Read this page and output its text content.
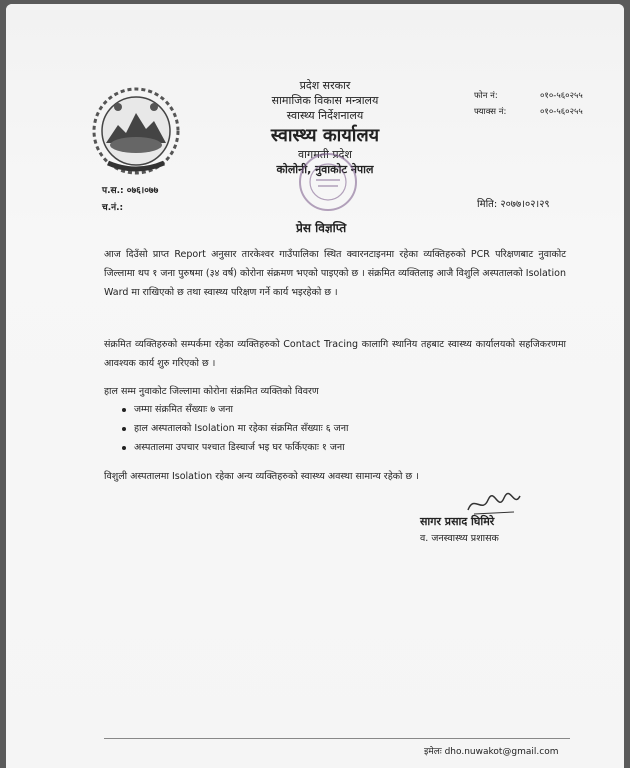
प्रदेश सरकार
सामाजिक विकास मन्त्रालय
स्वास्थ्य निर्देशनालय
स्वास्थ्य कार्यालय
वागमती प्रदेश
कोलोनी, नुवाकोट नेपाल
फोन नं:	०१०-५६०२५५
फ्याक्स नं:	०१०-५६०२५५
प.स.: ०७६।०७७
च.नं.:	मिति: २०७७।०२।२९
प्रेस विज्ञप्ति
आज दिउँसो प्राप्त Report अनुसार तारकेश्वर गाउँपालिका स्थित क्वारनटाइनमा रहेका व्यक्तिहरुको PCR परिक्षणबाट नुवाकोट जिल्लामा थप १ जना पुरुषमा (३४ वर्ष) कोरोना संक्रमण भएको पाइएको छ । संक्रमित व्यक्तिलाइ आजै विशुलि अस्पतालको Isolation Ward मा राखिएको छ तथा स्वास्थ्य परिक्षण गर्ने कार्य भइरहेको छ ।
संक्रमित व्यक्तिहरुको सम्पर्कमा रहेका व्यक्तिहरुको Contact Tracing कालागि स्थानिय तहबाट स्वास्थ्य कार्यालयको सहजिकरणमा आवश्यक कार्य शुरु गरिएको छ ।
हाल सम्म नुवाकोट जिल्लामा कोरोना संक्रमित व्यक्तिको विवरण
जम्मा संक्रमित सँख्याः ७ जना
हाल अस्पतालको Isolation मा रहेका संक्रमित सँख्याः ६ जना
अस्पतालमा उपचार पश्चात डिस्चार्ज भइ घर फर्किएकाः १ जना
विशुली अस्पतालमा Isolation रहेका अन्य व्यक्तिहरुको स्वास्थ्य अवस्था सामान्य रहेको छ ।
सागर प्रसाद घिमिरे
व. जनस्वास्थ्य प्रशासक
इमेलः dho.nuwakot@gmail.com
